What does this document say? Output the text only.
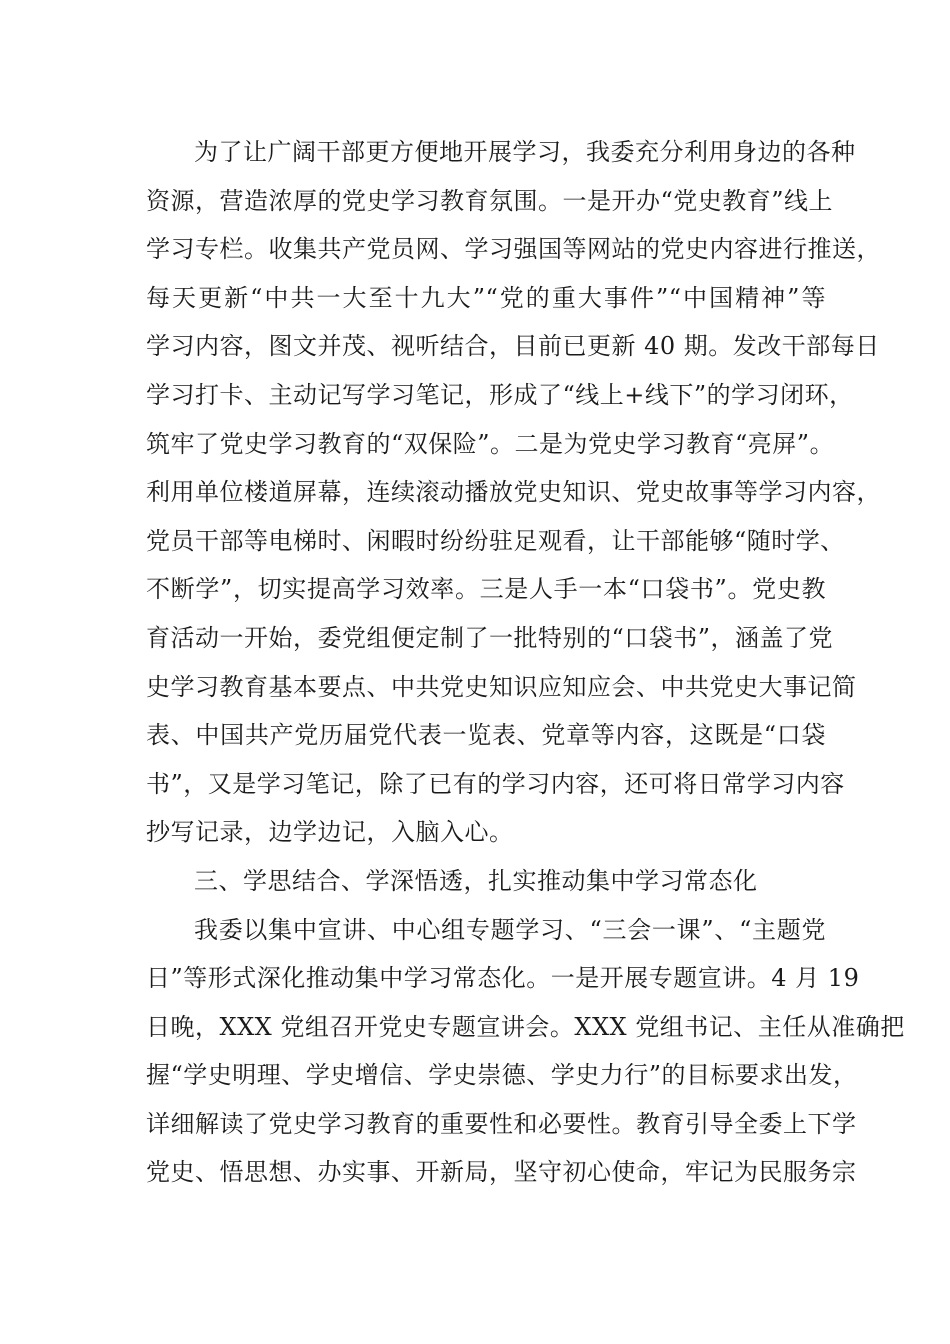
为了让广阔干部更方便地开展学习，我委充分利用身边的各种
资源，营造浓厚的党史学习教育氛围。一是开办“党史教育”线上
学习专栏。收集共产党员网、学习强国等网站的党史内容进行推送，
每天更新“中共一大至十九大”“党的重大事件”“中国精神”等
学习内容，图文并茂、视听结合，目前已更新 40 期。发改干部每日
学习打卡、主动记写学习笔记，形成了“线上+线下”的学习闭环，
筑牢了党史学习教育的“双保险”。二是为党史学习教育“亮屏”。
利用单位楼道屏幕，连续滚动播放党史知识、党史故事等学习内容，
党员干部等电梯时、闲暇时纷纷驻足观看，让干部能够“随时学、
不断学”，切实提高学习效率。三是人手一本“口袋书”。党史教
育活动一开始，委党组便定制了一批特别的“口袋书”，涵盖了党
史学习教育基本要点、中共党史知识应知应会、中共党史大事记简
表、中国共产党历届党代表一览表、党章等内容，这既是“口袋
书”，又是学习笔记，除了已有的学习内容，还可将日常学习内容
抄写记录，边学边记，入脑入心。
三、学思结合、学深悟透，扎实推动集中学习常态化
我委以集中宣讲、中心组专题学习、“三会一课”、“主题党
日”等形式深化推动集中学习常态化。一是开展专题宣讲。4 月 19
日晚，XXX 党组召开党史专题宣讲会。XXX 党组书记、主任从准确把
握“学史明理、学史增信、学史崇德、学史力行”的目标要求出发，
详细解读了党史学习教育的重要性和必要性。教育引导全委上下学
党史、悟思想、办实事、开新局，坚守初心使命，牢记为民服务宗
